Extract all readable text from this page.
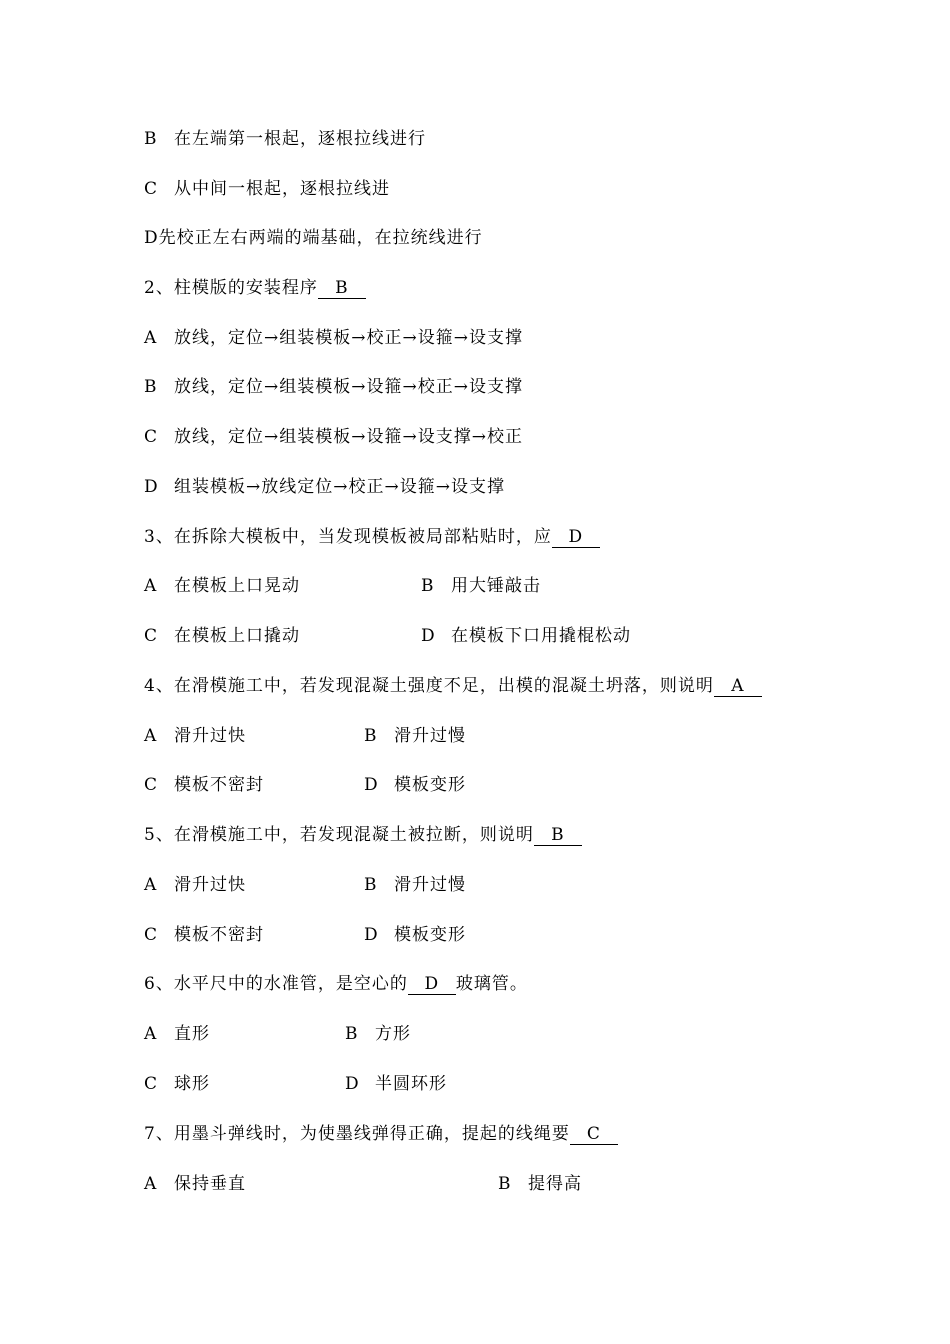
B 在左端第一根起，逐根拉线进行
C 从中间一根起，逐根拉线进
D先校正左右两端的端基础，在拉统线进行
2、柱模版的安装程序 B
A 放线，定位→组装模板→校正→设箍→设支撑
B 放线，定位→组装模板→设箍→校正→设支撑
C 放线，定位→组装模板→设箍→设支撑→校正
D 组装模板→放线定位→校正→设箍→设支撑
3、在拆除大模板中，当发现模板被局部粘贴时，应 D
A 在模板上口晃动	B 用大锤敲击
C 在模板上口撬动	D 在模板下口用撬棍松动
4、在滑模施工中，若发现混凝土强度不足，出模的混凝土坍落，则说明 A
A 滑升过快	B 滑升过慢
C 模板不密封	D 模板变形
5、在滑模施工中，若发现混凝土被拉断，则说明 B
A 滑升过快	B 滑升过慢
C 模板不密封	D 模板变形
6、水平尺中的水准管，是空心的 D 玻璃管。
A 直形	B 方形
C 球形	D 半圆环形
7、用墨斗弹线时，为使墨线弹得正确，提起的线绳要 C
A 保持垂直	B 提得高
